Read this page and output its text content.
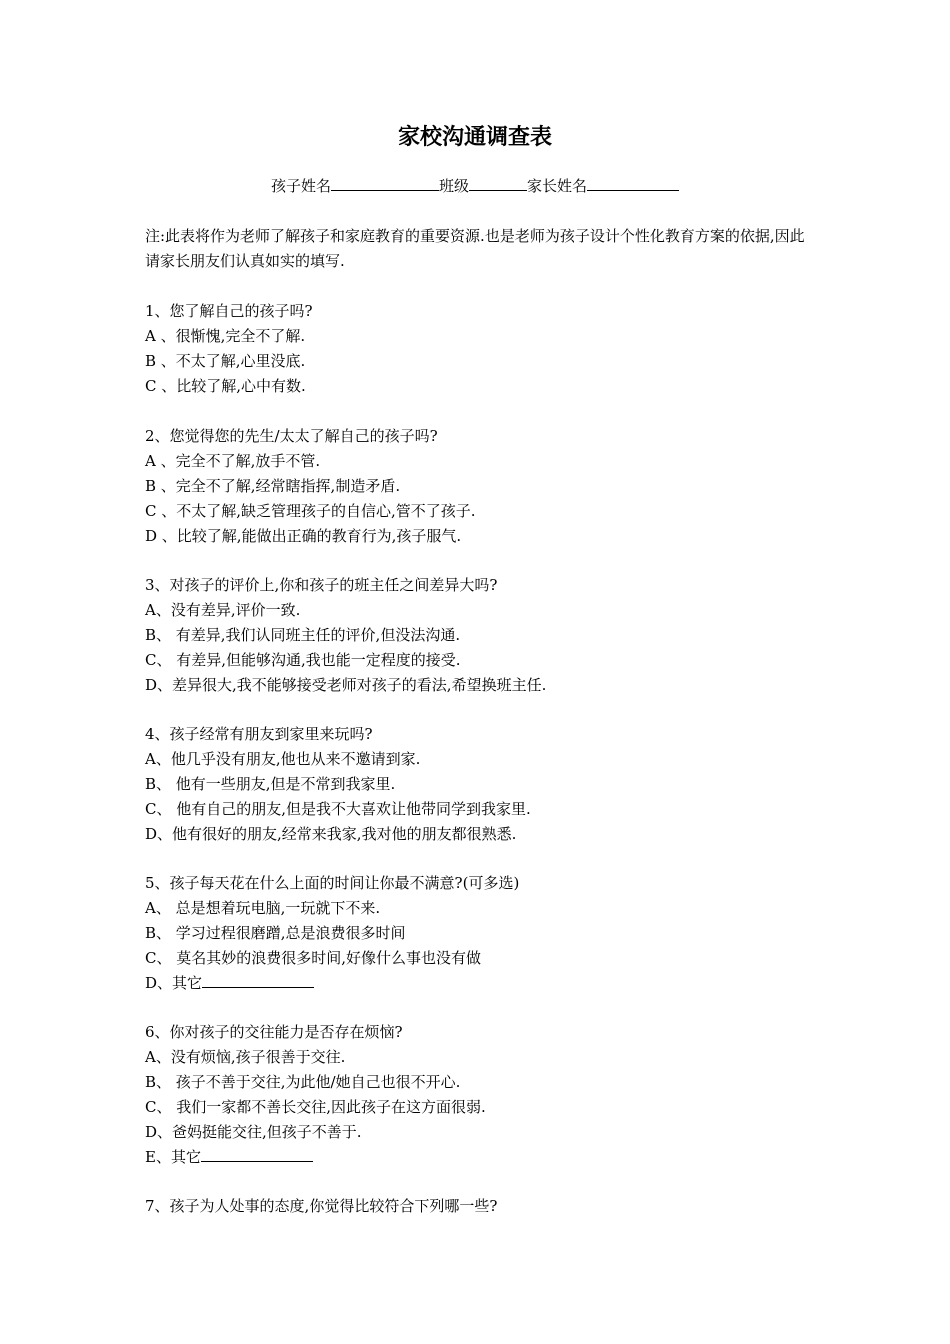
家校沟通调查表
孩子姓名	班级	家长姓名
注:此表将作为老师了解孩子和家庭教育的重要资源.也是老师为孩子设计个性化教育方案的依据,因此请家长朋友们认真如实的填写.
1、您了解自己的孩子吗?
A 、很惭愧,完全不了解.
B 、不太了解,心里没底.
C 、比较了解,心中有数.
2、您觉得您的先生/太太了解自己的孩子吗?
A 、完全不了解,放手不管.
B 、完全不了解,经常瞎指挥,制造矛盾.
C 、不太了解,缺乏管理孩子的自信心,管不了孩子.
D 、比较了解,能做出正确的教育行为,孩子服气.
3、对孩子的评价上,你和孩子的班主任之间差异大吗?
A、没有差异,评价一致.
B、 有差异,我们认同班主任的评价,但没法沟通.
C、 有差异,但能够沟通,我也能一定程度的接受.
D、差异很大,我不能够接受老师对孩子的看法,希望换班主任.
4、孩子经常有朋友到家里来玩吗?
A、他几乎没有朋友,他也从来不邀请到家.
B、 他有一些朋友,但是不常到我家里.
C、 他有自己的朋友,但是我不大喜欢让他带同学到我家里.
D、他有很好的朋友,经常来我家,我对他的朋友都很熟悉.
5、孩子每天花在什么上面的时间让你最不满意?(可多选)
A、 总是想着玩电脑,一玩就下不来.
B、 学习过程很磨蹭,总是浪费很多时间
C、 莫名其妙的浪费很多时间,好像什么事也没有做
D、其它
6、你对孩子的交往能力是否存在烦恼?
A、没有烦恼,孩子很善于交往.
B、 孩子不善于交往,为此他/她自己也很不开心.
C、 我们一家都不善长交往,因此孩子在这方面很弱.
D、爸妈挺能交往,但孩子不善于.
E、其它
7、孩子为人处事的态度,你觉得比较符合下列哪一些?
